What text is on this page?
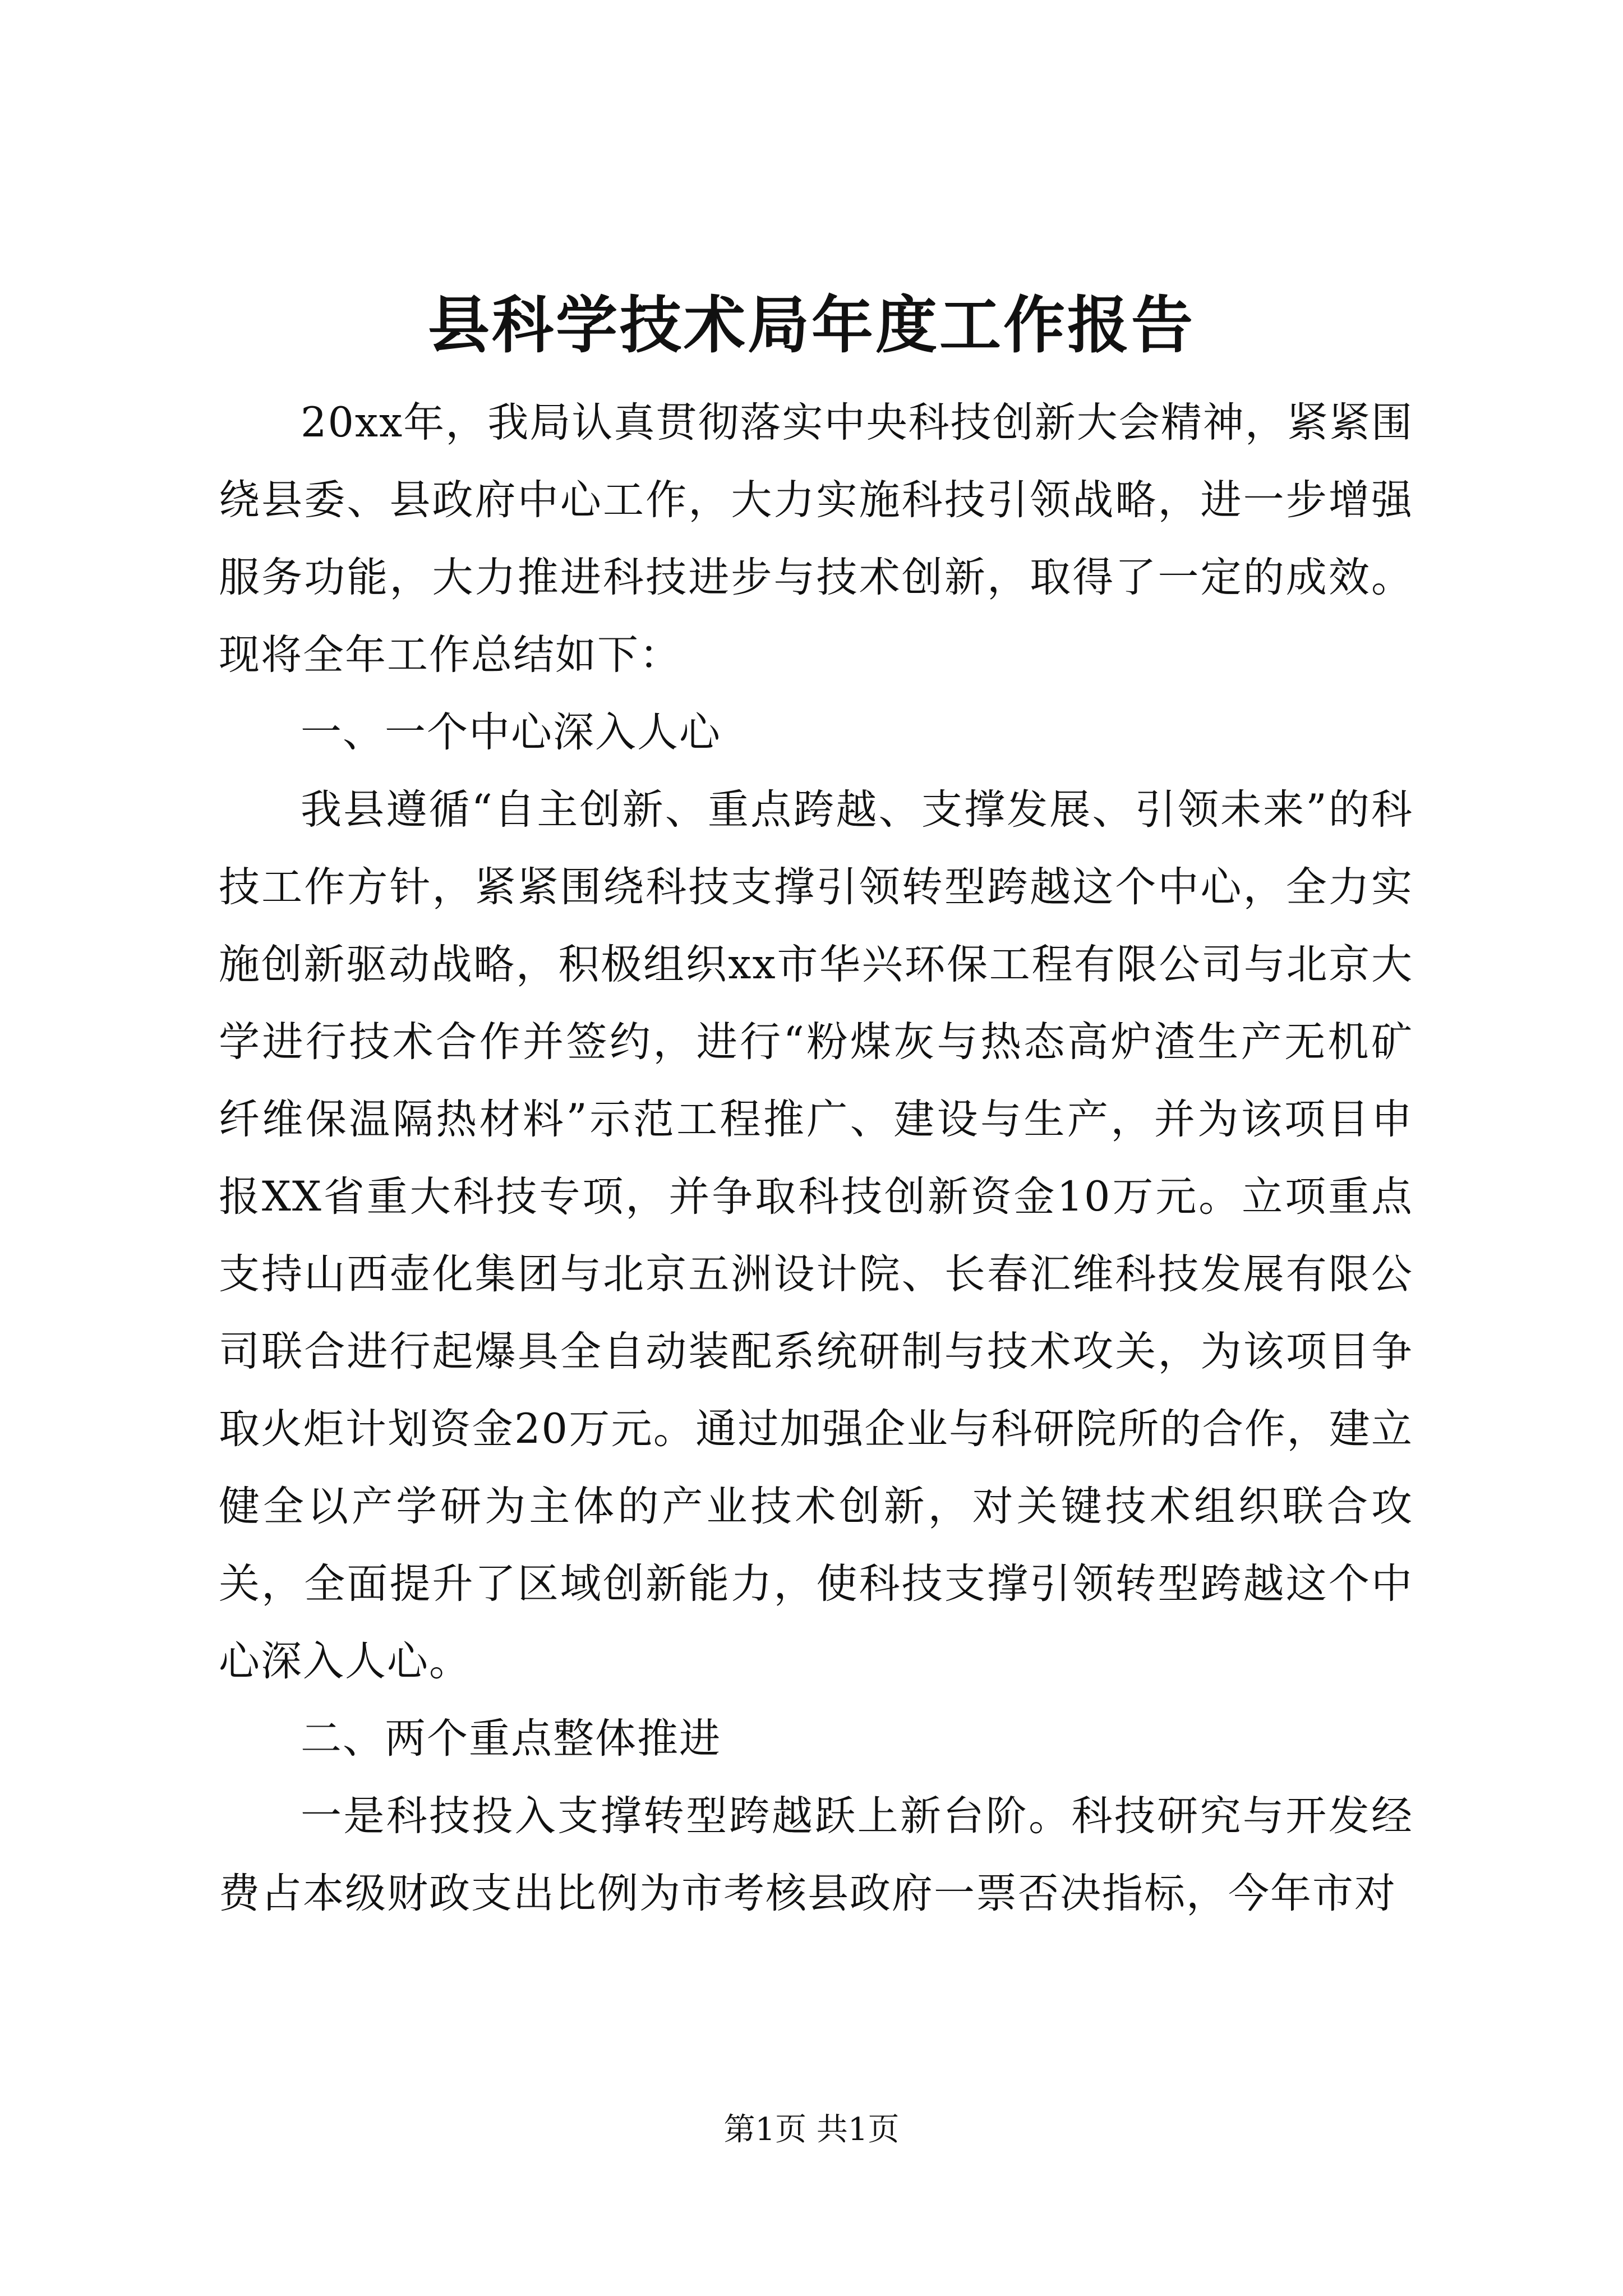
县科学技术局年度工作报告

20xx年，我局认真贯彻落实中央科技创新大会精神，紧紧围绕县委、县政府中心工作，大力实施科技引领战略，进一步增强服务功能，大力推进科技进步与技术创新，取得了一定的成效。现将全年工作总结如下：

一、一个中心深入人心

我县遵循“自主创新、重点跨越、支撑发展、引领未来”的科技工作方针，紧紧围绕科技支撑引领转型跨越这个中心，全力实施创新驱动战略，积极组织xx市华兴环保工程有限公司与北京大学进行技术合作并签约，进行“粉煤灰与热态高炉渣生产无机矿纤维保温隔热材料”示范工程推广、建设与生产，并为该项目申报XX省重大科技专项，并争取科技创新资金10万元。立项重点支持山西壶化集团与北京五洲设计院、长春汇维科技发展有限公司联合进行起爆具全自动装配系统研制与技术攻关，为该项目争取火炬计划资金20万元。通过加强企业与科研院所的合作，建立健全以产学研为主体的产业技术创新，对关键技术组织联合攻关，全面提升了区域创新能力，使科技支撑引领转型跨越这个中心深入人心。

二、两个重点整体推进

一是科技投入支撑转型跨越跃上新台阶。科技研究与开发经费占本级财政支出比例为市考核县政府一票否决指标，今年市对

第1页 共1页
